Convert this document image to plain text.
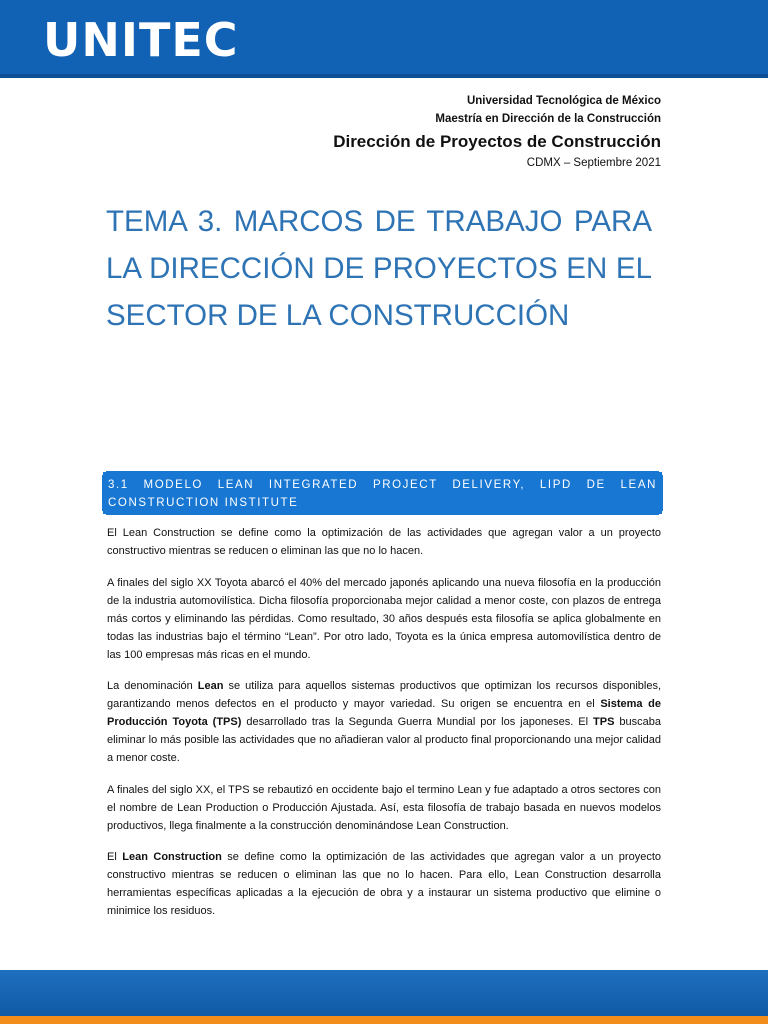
UNITEC
Universidad Tecnológica de México
Maestría en Dirección de la Construcción
Dirección de Proyectos de Construcción
CDMX – Septiembre 2021
TEMA 3. MARCOS DE TRABAJO PARA LA DIRECCIÓN DE PROYECTOS EN EL SECTOR DE LA CONSTRUCCIÓN
3.1 MODELO LEAN INTEGRATED PROJECT DELIVERY, LIPD DE LEAN CONSTRUCTION INSTITUTE

El Lean Construction se define como la optimización de las actividades que agregan valor a un proyecto constructivo mientras se reducen o eliminan las que no lo hacen.

A finales del siglo XX Toyota abarcó el 40% del mercado japonés aplicando una nueva filosofía en la producción de la industria automovilística. Dicha filosofía proporcionaba mejor calidad a menor coste, con plazos de entrega más cortos y eliminando las pérdidas. Como resultado, 30 años después esta filosofía se aplica globalmente en todas las industrias bajo el término “Lean”. Por otro lado, Toyota es la única empresa automovilística dentro de las 100 empresas más ricas en el mundo.

La denominación Lean se utiliza para aquellos sistemas productivos que optimizan los recursos disponibles, garantizando menos defectos en el producto y mayor variedad. Su origen se encuentra en el Sistema de Producción Toyota (TPS) desarrollado tras la Segunda Guerra Mundial por los japoneses. El TPS buscaba eliminar lo más posible las actividades que no añadieran valor al producto final proporcionando una mejor calidad a menor coste.

A finales del siglo XX, el TPS se rebautizó en occidente bajo el termino Lean y fue adaptado a otros sectores con el nombre de Lean Production o Producción Ajustada. Así, esta filosofía de trabajo basada en nuevos modelos productivos, llega finalmente a la construcción denominándose Lean Construction.

El Lean Construction se define como la optimización de las actividades que agregan valor a un proyecto constructivo mientras se reducen o eliminan las que no lo hacen. Para ello, Lean Construction desarrolla herramientas específicas aplicadas a la ejecución de obra y a instaurar un sistema productivo que elimine o minimice los residuos.
